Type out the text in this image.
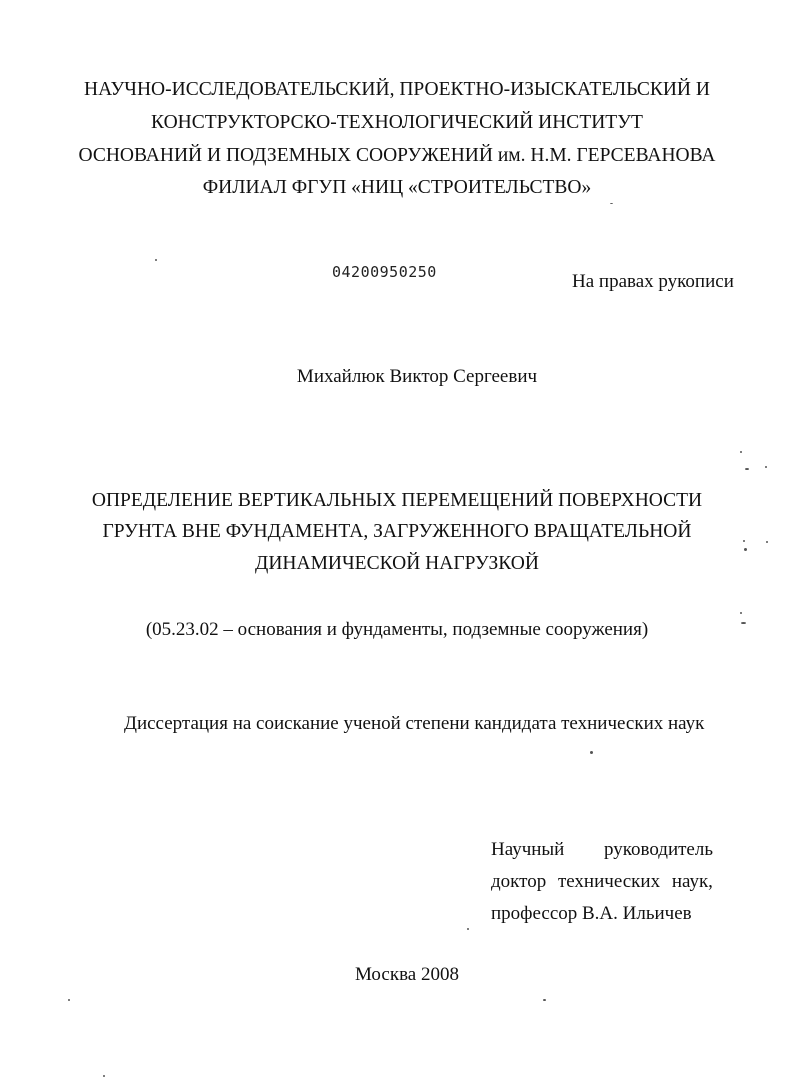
НАУЧНО-ИССЛЕДОВАТЕЛЬСКИЙ, ПРОЕКТНО-ИЗЫСКАТЕЛЬСКИЙ И
КОНСТРУКТОРСКО-ТЕХНОЛОГИЧЕСКИЙ ИНСТИТУТ
ОСНОВАНИЙ И ПОДЗЕМНЫХ СООРУЖЕНИЙ им. Н.М. ГЕРСЕВАНОВА
ФИЛИАЛ ФГУП «НИЦ «СТРОИТЕЛЬСТВО»
04200950250	На правах рукописи
Михайлюк Виктор Сергеевич
ОПРЕДЕЛЕНИЕ ВЕРТИКАЛЬНЫХ ПЕРЕМЕЩЕНИЙ ПОВЕРХНОСТИ
ГРУНТА ВНЕ ФУНДАМЕНТА, ЗАГРУЖЕННОГО ВРАЩАТЕЛЬНОЙ
ДИНАМИЧЕСКОЙ НАГРУЗКОЙ
(05.23.02 – основания и фундаменты, подземные сооружения)
Диссертация на соискание ученой степени кандидата технических наук
Научный руководитель
доктор технических наук,
профессор В.А. Ильичев
Москва 2008
